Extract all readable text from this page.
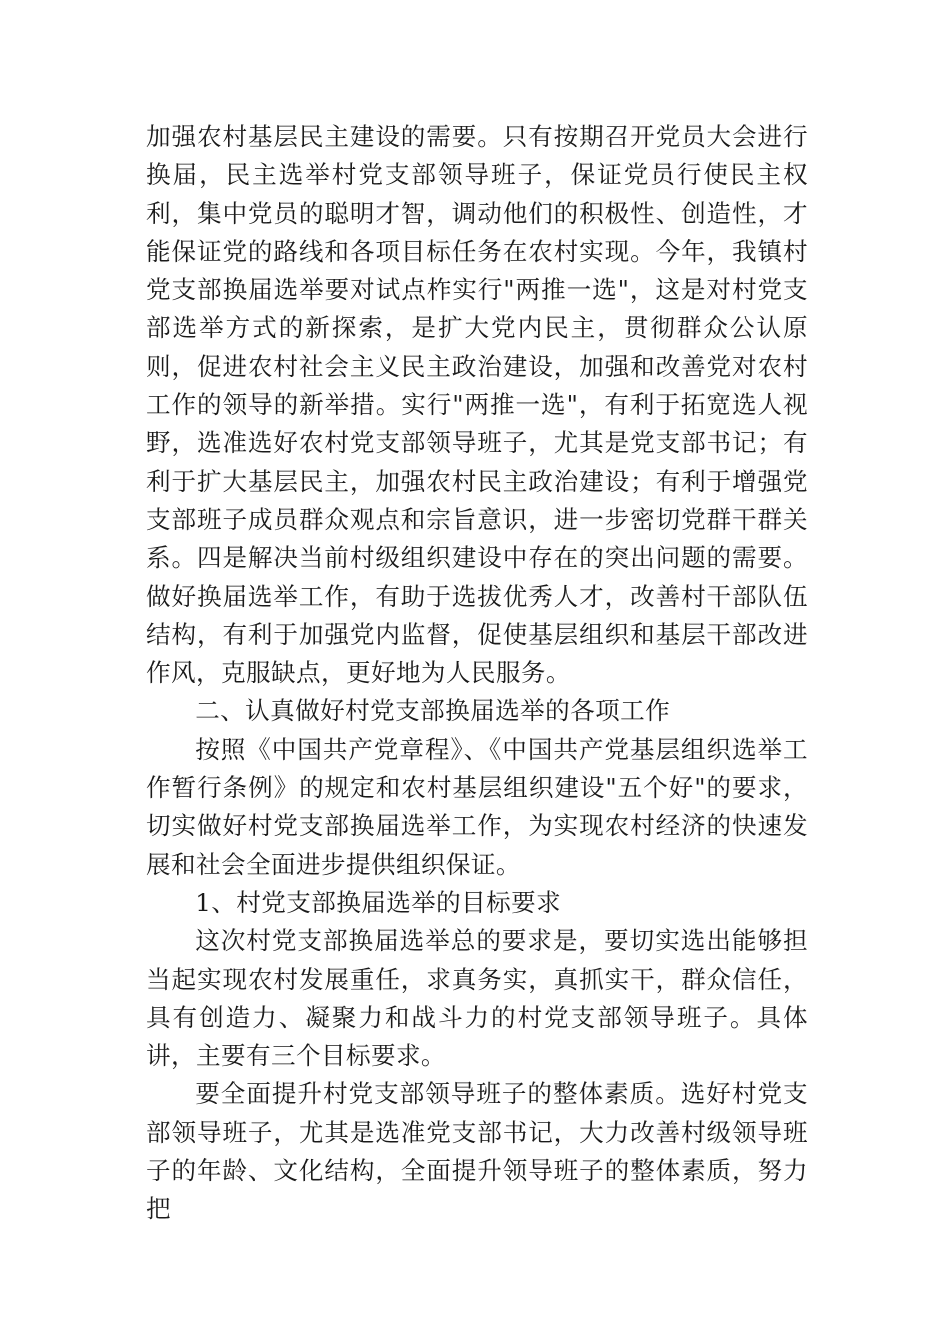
加强农村基层民主建设的需要。只有按期召开党员大会进行换届，民主选举村党支部领导班子，保证党员行使民主权利，集中党员的聪明才智，调动他们的积极性、创造性，才能保证党的路线和各项目标任务在农村实现。今年，我镇村党支部换届选举要对试点柞实行"两推一选"，这是对村党支部选举方式的新探索，是扩大党内民主，贯彻群众公认原则，促进农村社会主义民主政治建设，加强和改善党对农村工作的领导的新举措。实行"两推一选"，有利于拓宽选人视野，选准选好农村党支部领导班子，尤其是党支部书记；有利于扩大基层民主，加强农村民主政治建设；有利于增强党支部班子成员群众观点和宗旨意识，进一步密切党群干群关系。四是解决当前村级组织建设中存在的突出问题的需要。做好换届选举工作，有助于选拔优秀人才，改善村干部队伍结构，有利于加强党内监督，促使基层组织和基层干部改进作风，克服缺点，更好地为人民服务。

二、认真做好村党支部换届选举的各项工作

按照《中国共产党章程》、《中国共产党基层组织选举工作暂行条例》的规定和农村基层组织建设"五个好"的要求，切实做好村党支部换届选举工作，为实现农村经济的快速发展和社会全面进步提供组织保证。

1、村党支部换届选举的目标要求

这次村党支部换届选举总的要求是，要切实选出能够担当起实现农村发展重任，求真务实，真抓实干，群众信任，具有创造力、凝聚力和战斗力的村党支部领导班子。具体讲，主要有三个目标要求。

要全面提升村党支部领导班子的整体素质。选好村党支部领导班子，尤其是选准党支部书记，大力改善村级领导班子的年龄、文化结构，全面提升领导班子的整体素质，努力把
